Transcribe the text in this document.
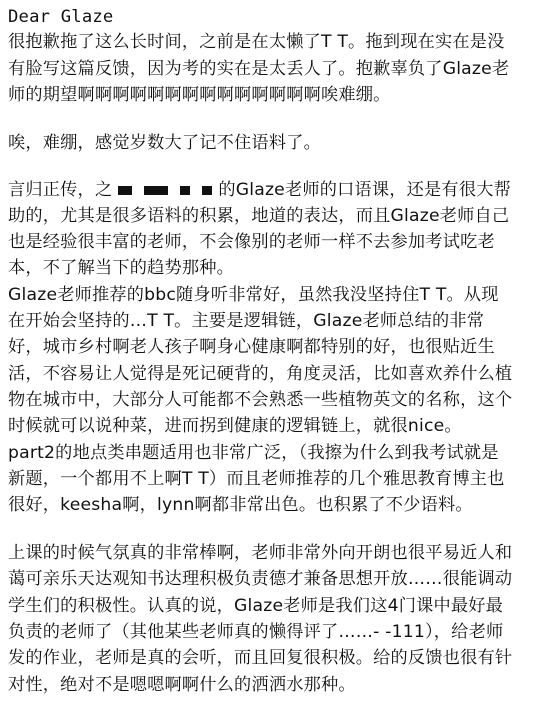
Dear Glaze
很抱歉拖了这么长时间，之前是在太懒了T T。拖到现在实在是没
有脸写这篇反馈，因为考的实在是太丢人了。抱歉辜负了Glaze老
师的期望啊啊啊啊啊啊啊啊啊啊啊啊啊啊唉难绷。
唉，难绷，感觉岁数大了记不住语料了。
言归正传，之	的Glaze老师的口语课，还是有很大帮
助的，尤其是很多语料的积累，地道的表达，而且Glaze老师自己
也是经验很丰富的老师，不会像别的老师一样不去参加考试吃老
本，不了解当下的趋势那种。
Glaze老师推荐的bbc随身听非常好，虽然我没坚持住T T。从现
在开始会坚持的…T T。主要是逻辑链，Glaze老师总结的非常
好，城市乡村啊老人孩子啊身心健康啊都特别的好，也很贴近生
活，不容易让人觉得是死记硬背的，角度灵活，比如喜欢养什么植
物在城市中，大部分人可能都不会熟悉一些植物英文的名称，这个
时候就可以说种菜，进而拐到健康的逻辑链上，就很nice。
part2的地点类串题适用也非常广泛，（我擦为什么到我考试就是
新题，一个都用不上啊T T）而且老师推荐的几个雅思教育博主也
很好，keesha啊，lynn啊都非常出色。也积累了不少语料。
上课的时候气氛真的非常棒啊，老师非常外向开朗也很平易近人和
蔼可亲乐天达观知书达理积极负责德才兼备思想开放……很能调动
学生们的积极性。认真的说，Glaze老师是我们这4门课中最好最
负责的老师了（其他某些老师真的懒得评了……- -111），给老师
发的作业，老师是真的会听，而且回复很积极。给的反馈也很有针
对性，绝对不是嗯嗯啊啊什么的洒洒水那种。
